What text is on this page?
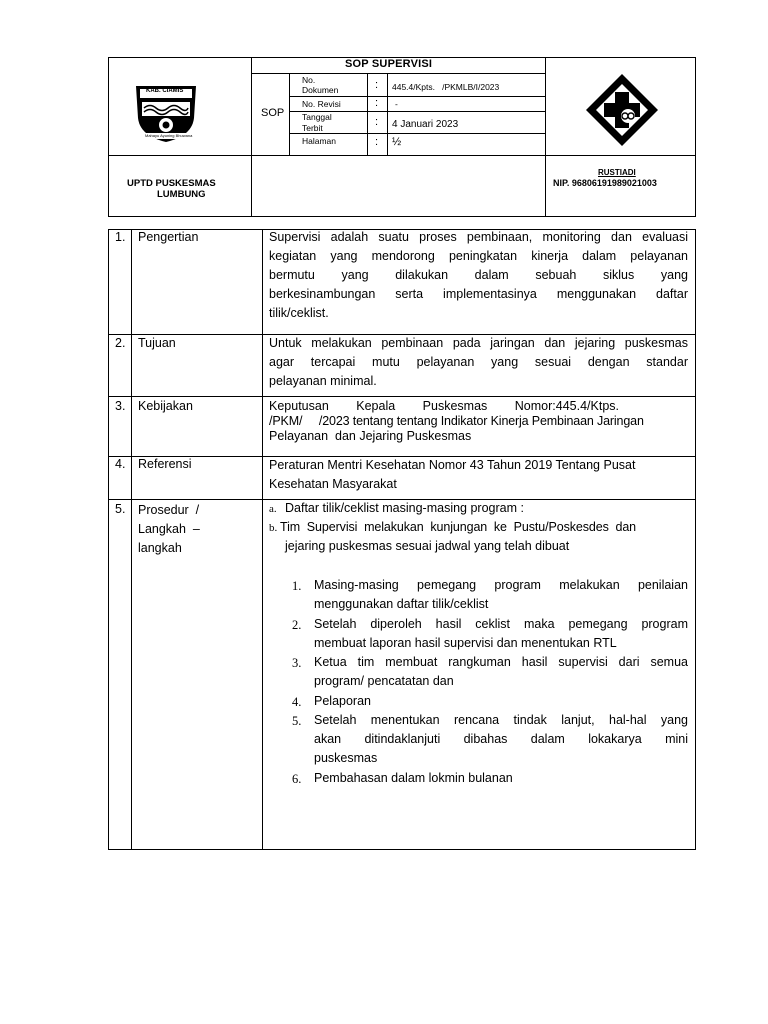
KAB. CIAMIS
Mahayu Ayuning Bhuwana
SOP SUPERVISI
SOP
No.
Dokumen	: 445.4/Kpts.   /PKMLB/I/2023
No. Revisi	: -
Tanggal
Terbit	: 4 Januari 2023
Halaman	: ½
UPTD PUSKESMAS
LUMBUNG
RUSTIADI
NIP. 96806191989021003
1. Pengertian	Supervisi adalah suatu proses pembinaan, monitoring dan evaluasi
kegiatan yang mendorong peningkatan kinerja dalam pelayanan
bermutu yang dilakukan dalam sebuah siklus yang
berkesinambungan serta implementasinya menggunakan daftar
tilik/ceklist.
2. Tujuan	Untuk melakukan pembinaan pada jaringan dan jejaring puskesmas
agar tercapai mutu pelayanan yang sesuai dengan standar
pelayanan minimal.
3. Kebijakan	Keputusan Kepala Puskesmas Nomor:445.4/Ktps.
/PKM/     /2023 tentang tentang Indikator Kinerja Pembinaan Jaringan
Pelayanan  dan Jejaring Puskesmas
4. Referensi	Peraturan Mentri Kesehatan Nomor 43 Tahun 2019 Tentang Pusat
Kesehatan Masyarakat
5. Prosedur  /
Langkah  –
langkah
a. Daftar tilik/ceklist masing-masing program :
b. Tim  Supervisi  melakukan  kunjungan  ke  Pustu/Poskesdes  dan
jejaring puskesmas sesuai jadwal yang telah dibuat
1. Masing-masing pemegang program melakukan penilaian
menggunakan daftar tilik/ceklist
2. Setelah diperoleh hasil ceklist maka pemegang program
membuat laporan hasil supervisi dan menentukan RTL
3. Ketua tim membuat rangkuman hasil supervisi dari semua
program/ pencatatan dan
4. Pelaporan
5. Setelah menentukan rencana tindak lanjut, hal-hal yang
akan ditindaklanjuti dibahas dalam lokakarya mini
puskesmas
6. Pembahasan dalam lokmin bulanan
